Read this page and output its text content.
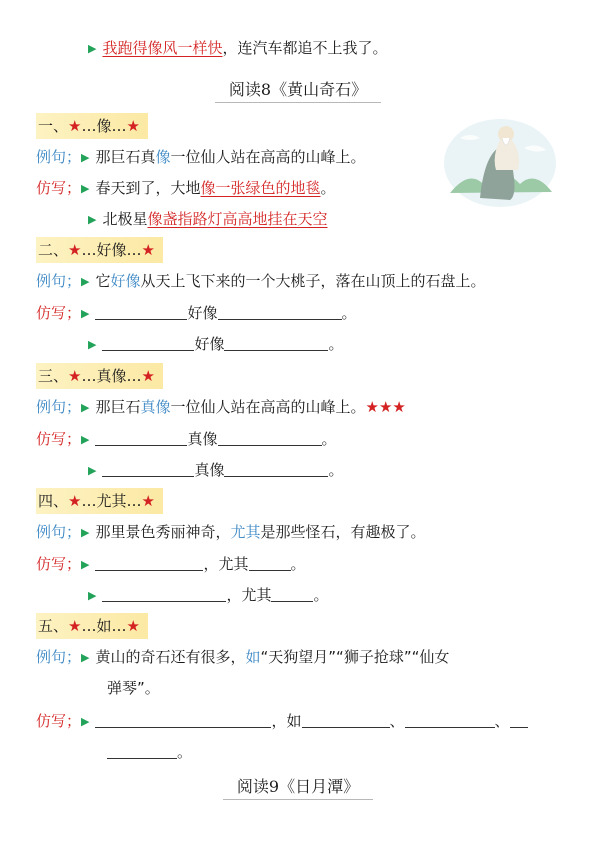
▶ 我跑得像风一样快，连汽车都追不上我了。
阅读8《黄山奇石》
一、★…像…★
例句；▶ 那巨石真像一位仙人站在高高的山峰上。
仿写；▶ 春天到了，大地像一张绿色的地毯。
▶ 北极星像盏指路灯高高地挂在天空
二、★…好像…★
例句；▶ 它好像从天上飞下来的一个大桃子，落在山顶上的石盘上。
仿写；▶	好像	。
▶	好像	。
三、★…真像…★
例句；▶ 那巨石真像一位仙人站在高高的山峰上。★★★
仿写；▶	真像	。
▶	真像	。
四、★…尤其…★
例句；▶ 那里景色秀丽神奇，尤其是那些怪石，有趣极了。
仿写；▶	，尤其	。
▶	，尤其	。
五、★…如…★
例句；▶ 黄山的奇石还有很多，如“天狗望月”“狮子抢球”“仙女
弹琴”。
仿写；▶	，如	、	、
。
阅读9《日月潭》
